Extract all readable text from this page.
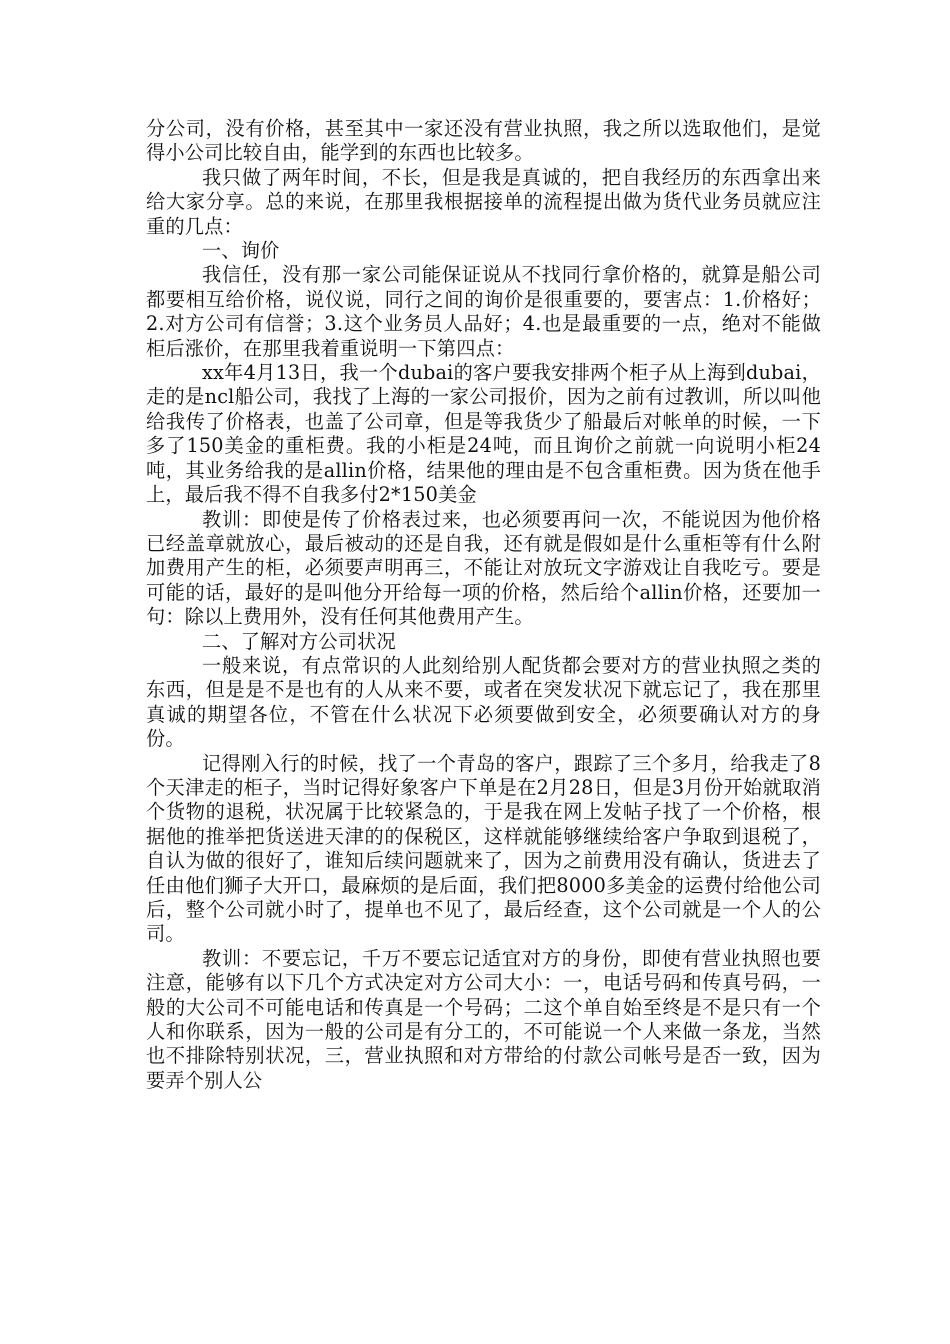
分公司，没有价格，甚至其中一家还没有营业执照，我之所以选取他们，是觉得小公司比较自由，能学到的东西也比较多。

我只做了两年时间，不长，但是我是真诚的，把自我经历的东西拿出来给大家分享。总的来说，在那里我根据接单的流程提出做为货代业务员就应注重的几点：

一、询价

我信任，没有那一家公司能保证说从不找同行拿价格的，就算是船公司都要相互给价格，说仪说，同行之间的询价是很重要的，要害点：1.价格好；2.对方公司有信誉；3.这个业务员人品好；4.也是最重要的一点，绝对不能做柜后涨价，在那里我着重说明一下第四点：

xx年4月13日，我一个dubai的客户要我安排两个柜子从上海到dubai，走的是ncl船公司，我找了上海的一家公司报价，因为之前有过教训，所以叫他给我传了价格表，也盖了公司章，但是等我货少了船最后对帐单的时候，一下多了150美金的重柜费。我的小柜是24吨，而且询价之前就一向说明小柜24吨，其业务给我的是allin价格，结果他的理由是不包含重柜费。因为货在他手上，最后我不得不自我多付2*150美金

教训：即使是传了价格表过来，也必须要再问一次，不能说因为他价格已经盖章就放心，最后被动的还是自我，还有就是假如是什么重柜等有什么附加费用产生的柜，必须要声明再三，不能让对放玩文字游戏让自我吃亏。要是可能的话，最好的是叫他分开给每一项的价格，然后给个allin价格，还要加一句：除以上费用外，没有任何其他费用产生。

二、了解对方公司状况

一般来说，有点常识的人此刻给别人配货都会要对方的营业执照之类的东西，但是是不是也有的人从来不要，或者在突发状况下就忘记了，我在那里真诚的期望各位，不管在什么状况下必须要做到安全，必须要确认对方的身份。

记得刚入行的时候，找了一个青岛的客户，跟踪了三个多月，给我走了8个天津走的柜子，当时记得好象客户下单是在2月28日，但是3月份开始就取消个货物的退税，状况属于比较紧急的，于是我在网上发帖子找了一个价格，根据他的推举把货送进天津的的保税区，这样就能够继续给客户争取到退税了，自认为做的很好了，谁知后续问题就来了，因为之前费用没有确认，货进去了任由他们狮子大开口，最麻烦的是后面，我们把8000多美金的运费付给他公司后，整个公司就小时了，提单也不见了，最后经查，这个公司就是一个人的公司。

教训：不要忘记，千万不要忘记适宜对方的身份，即使有营业执照也要注意，能够有以下几个方式决定对方公司大小：一，电话号码和传真号码，一般的大公司不可能电话和传真是一个号码；二这个单自始至终是不是只有一个人和你联系，因为一般的公司是有分工的，不可能说一个人来做一条龙，当然也不排除特别状况，三，营业执照和对方带给的付款公司帐号是否一致，因为要弄个别人公
